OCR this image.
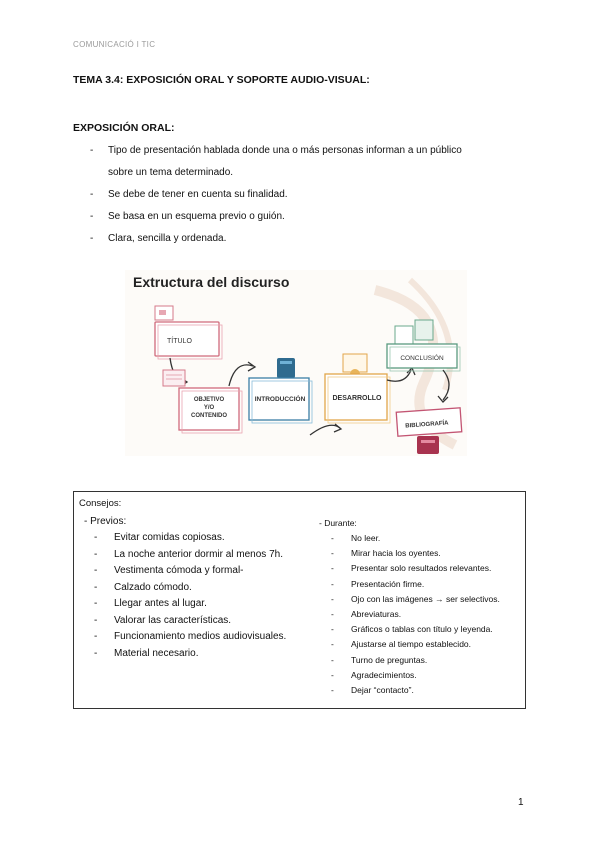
COMUNICACIÓ I TIC
TEMA 3.4: EXPOSICIÓN ORAL Y SOPORTE AUDIO-VISUAL:
EXPOSICIÓN ORAL:
-	Tipo de presentación hablada donde una o más personas informan a un público
sobre un tema determinado.
-	Se debe de tener en cuenta su finalidad.
-	Se basa en un esquema previo o guión.
-	Clara, sencilla y ordenada.
Extructura del discurso
TÍTULO
OBJETIVO
Y/O
CONTENIDO
INTRODUCCIÓN	DESARROLLO
CONCLUSIÓN
BIBLIOGRAFÍA
Consejos:
- Previos:
-	Evitar comidas copiosas.
-	La noche anterior dormir al menos 7h.
-	Vestimenta cómoda y formal-
-	Calzado cómodo.
-	Llegar antes al lugar.
-	Valorar las características.
-	Funcionamiento medios audiovisuales.
-	Material necesario.
- Durante:
-	No leer.
-	Mirar hacia los oyentes.
-	Presentar solo resultados relevantes.
-	Presentación firme.
-	Ojo con las imágenes → ser selectivos.
-	Abreviaturas.
-	Gráficos o tablas con título y leyenda.
-	Ajustarse al tiempo establecido.
-	Turno de preguntas.
-	Agradecimientos.
-	Dejar “contacto”.
1
